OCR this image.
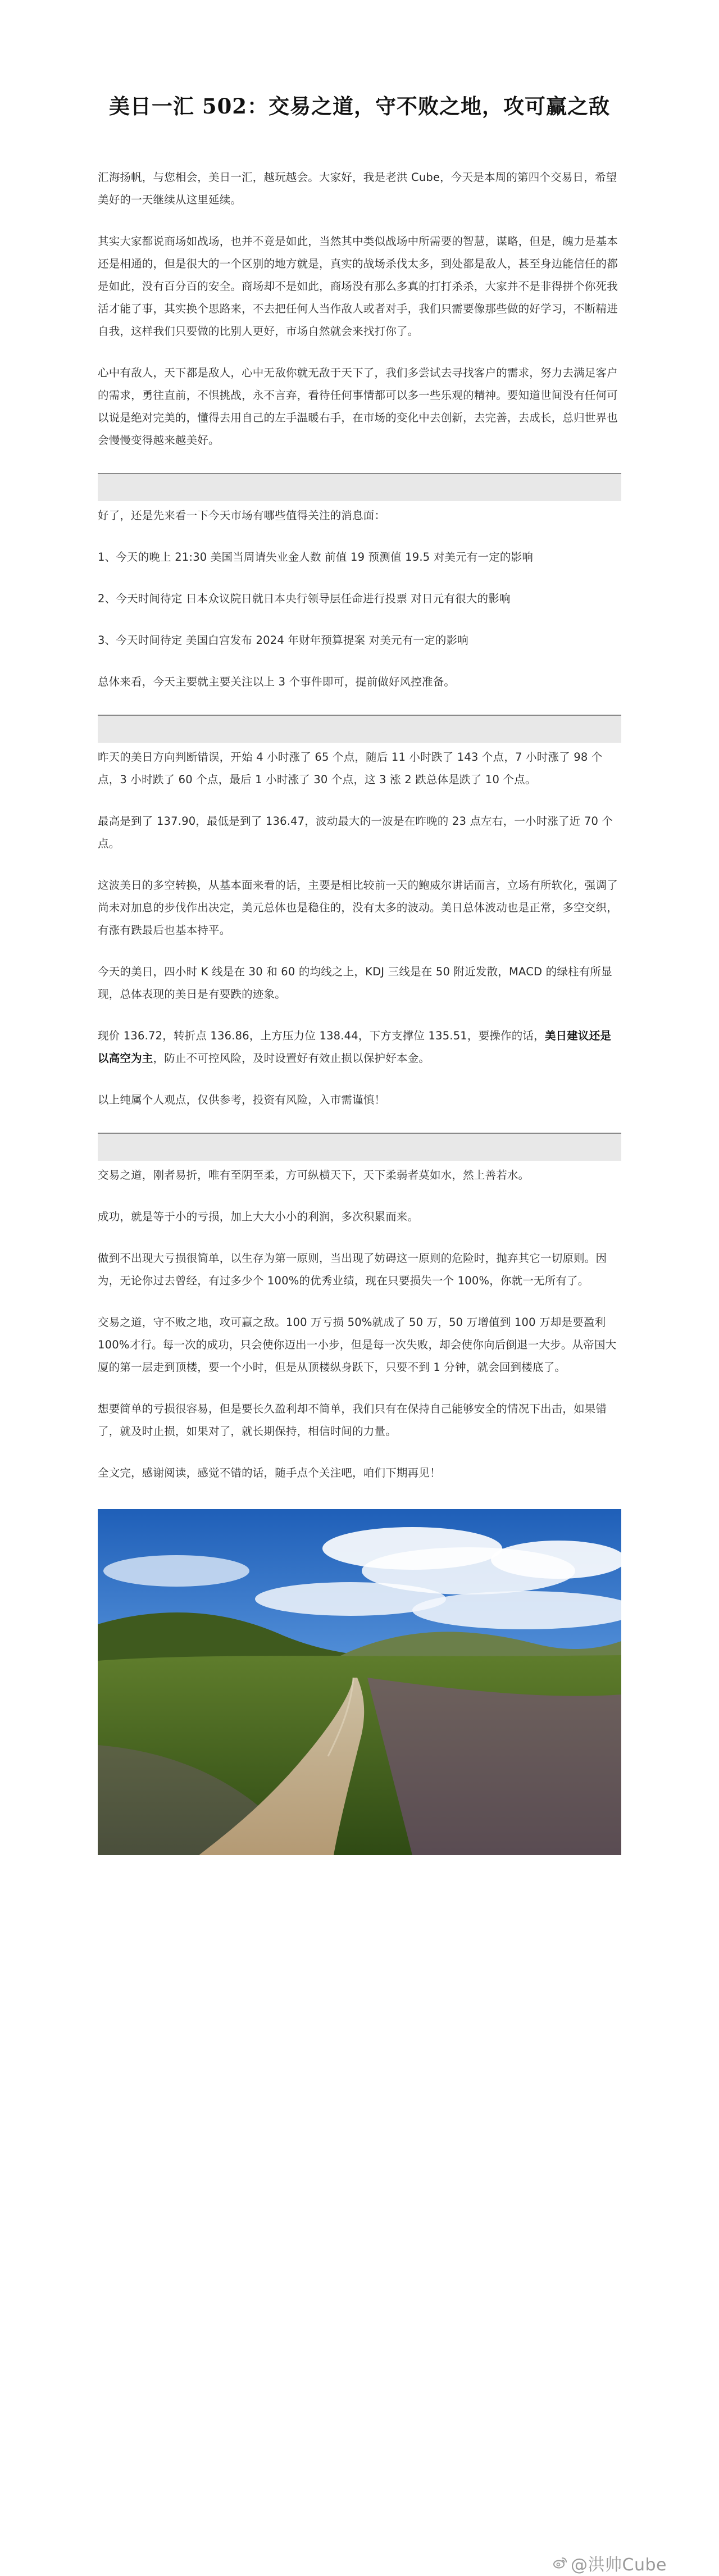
美日一汇 502：交易之道，守不败之地，攻可赢之敌

汇海扬帆，与您相会，美日一汇，越玩越会。大家好，我是老洪 Cube，今天是本周的第四个交易日，希望美好的一天继续从这里延续。

其实大家都说商场如战场，也并不竟是如此，当然其中类似战场中所需要的智慧，谋略，但是，魄力是基本还是相通的，但是很大的一个区别的地方就是，真实的战场杀伐太多，到处都是敌人，甚至身边能信任的都是如此，没有百分百的安全。商场却不是如此，商场没有那么多真的打打杀杀，大家并不是非得拼个你死我活才能了事，其实换个思路来，不去把任何人当作敌人或者对手，我们只需要像那些做的好学习，不断精进自我，这样我们只要做的比别人更好，市场自然就会来找打你了。

心中有敌人，天下都是敌人，心中无敌你就无敌于天下了，我们多尝试去寻找客户的需求，努力去满足客户的需求，勇往直前，不惧挑战，永不言弃，看待任何事情都可以多一些乐观的精神。要知道世间没有任何可以说是绝对完美的，懂得去用自己的左手温暖右手，在市场的变化中去创新，去完善，去成长，总归世界也会慢慢变得越来越美好。

好了，还是先来看一下今天市场有哪些值得关注的消息面：

1、今天的晚上 21:30 美国当周请失业金人数 前值 19 预测值 19.5 对美元有一定的影响

2、今天时间待定 日本众议院日就日本央行领导层任命进行投票 对日元有很大的影响

3、今天时间待定 美国白宫发布 2024 年财年预算提案 对美元有一定的影响

总体来看，今天主要就主要关注以上 3 个事件即可，提前做好风控准备。

昨天的美日方向判断错误，开始 4 小时涨了 65 个点，随后 11 小时跌了 143 个点，7 小时涨了 98 个点，3 小时跌了 60 个点，最后 1 小时涨了 30 个点，这 3 涨 2 跌总体是跌了 10 个点。

最高是到了 137.90，最低是到了 136.47，波动最大的一波是在昨晚的 23 点左右，一小时涨了近 70 个点。

这波美日的多空转换，从基本面来看的话，主要是相比较前一天的鲍威尔讲话而言，立场有所软化，强调了尚未对加息的步伐作出决定，美元总体也是稳住的，没有太多的波动。美日总体波动也是正常，多空交织，有涨有跌最后也基本持平。

今天的美日，四小时 K 线是在 30 和 60 的均线之上，KDJ 三线是在 50 附近发散，MACD 的绿柱有所显现，总体表现的美日是有要跌的迹象。

现价 136.72，转折点 136.86，上方压力位 138.44，下方支撑位 135.51，要操作的话，美日建议还是以高空为主，防止不可控风险，及时设置好有效止损以保护好本金。

以上纯属个人观点，仅供参考，投资有风险，入市需谨慎！

交易之道，刚者易折，唯有至阴至柔，方可纵横天下，天下柔弱者莫如水，然上善若水。

成功，就是等于小的亏损，加上大大小小的利润，多次积累而来。

做到不出现大亏损很简单，以生存为第一原则，当出现了妨碍这一原则的危险时，抛弃其它一切原则。因为，无论你过去曾经，有过多少个 100%的优秀业绩，现在只要损失一个 100%，你就一无所有了。

交易之道，守不败之地，攻可赢之敌。100 万亏损 50%就成了 50 万，50 万增值到 100 万却是要盈利 100%才行。每一次的成功，只会使你迈出一小步，但是每一次失败，却会使你向后倒退一大步。从帝国大厦的第一层走到顶楼，要一个小时，但是从顶楼纵身跃下，只要不到 1 分钟，就会回到楼底了。

想要简单的亏损很容易，但是要长久盈利却不简单，我们只有在保持自己能够安全的情况下出击，如果错了，就及时止损，如果对了，就长期保持，相信时间的力量。

全文完，感谢阅读，感觉不错的话，随手点个关注吧，咱们下期再见！

@洪帅Cube
